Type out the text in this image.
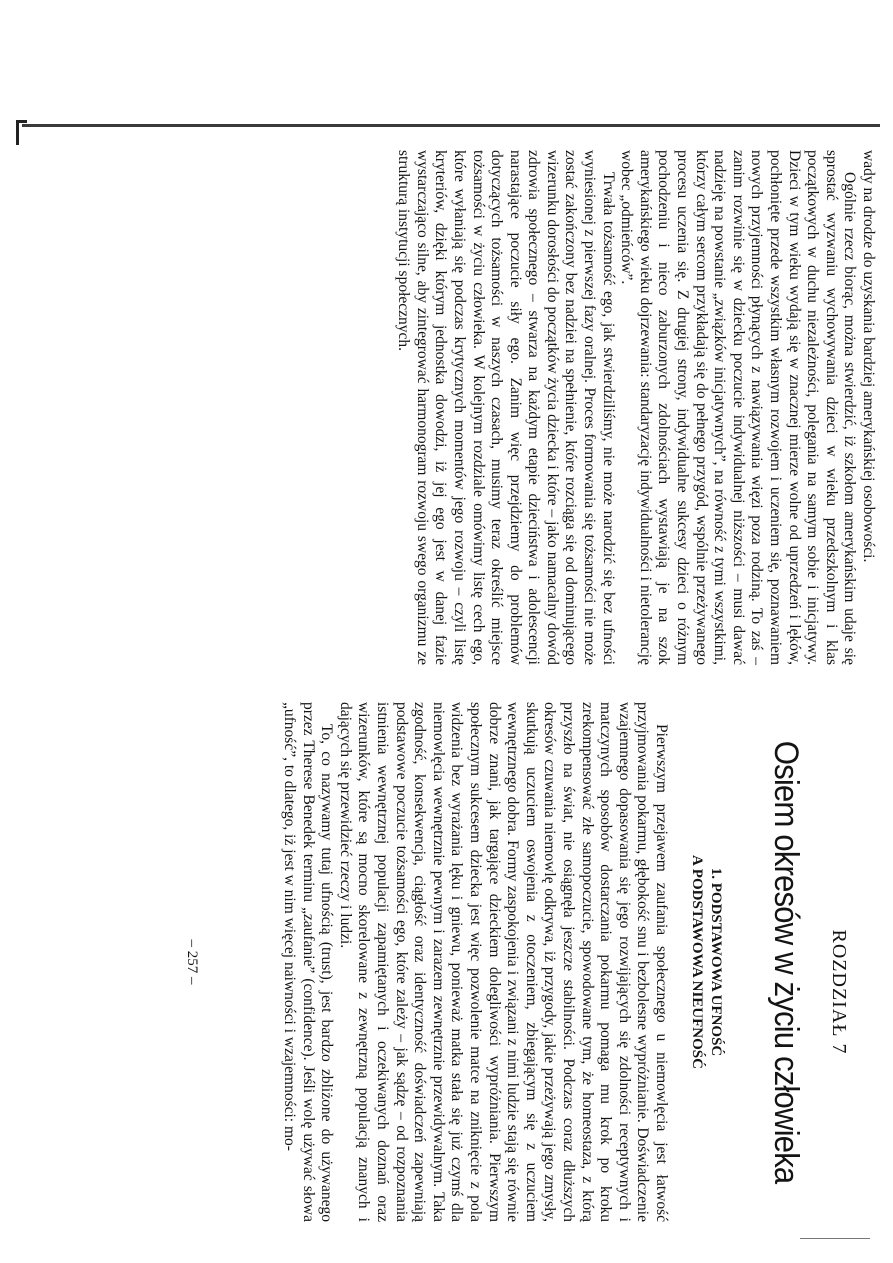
wady na drodze do uzyskania bardziej amerykańskiej osobowości.

Ogólnie rzecz biorąc, można stwierdzić, iż szkołom amerykańskim udaje się sprostać wyzwaniu wychowywania dzieci w wieku przedszkolnym i klas początkowych w duchu niezależności, polegania na samym sobie i inicjatywy. Dzieci w tym wieku wydają się w znacznej mierze wolne od uprzedzeń i lęków, pochłonięte przede wszystkim własnym rozwojem i uczeniem się, poznawaniem nowych przyjemności płynących z nawiązywania więzi poza rodziną. To zaś – zanim rozwinie się w dziecku poczucie indywidualnej niższości – musi dawać nadzieję na powstanie „związków inicjatywnych”, na równość z tymi wszystkimi, którzy całym sercom przykładają się do pełnego przygód, wspólnie przeżywanego procesu uczenia się. Z drugiej strony, indywidualne sukcesy dzieci o różnym pochodzeniu i nieco zaburzonych zdolnościach wystawiają je na szok amerykańskiego wieku dojrzewania: standaryzację indywidualności i nietolerancję wobec „odmieńców”.

Trwała tożsamość ego, jak stwierdziliśmy, nie może narodzić się bez ufności wyniesionej z pierwszej fazy oralnej. Proces formowania się tożsamości nie może zostać zakończony bez nadziei na spełnienie, które rozciąga się od dominującego wizerunku dorosłości do początków życia dziecka i które – jako namacalny dowód zdrowia społecznego – stwarza na każdym etapie dzieciństwa i adolescencji narastające poczucie siły ego. Zanim więc przejdziemy do problemów dotyczących tożsamości w naszych czasach, musimy teraz określić miejsce tożsamości w życiu człowieka. W kolejnym rozdziale omówimy listę cech ego, które wyłaniają się podczas krytycznych momentów jego rozwoju – czyli listę kryteriów, dzięki którym jednostka dowodzi, iż jej ego jest w danej fazie wystarczająco silne, aby zintegrować harmonogram rozwoju swego organizmu ze strukturą instytucji społecznych.

ROZDZIAŁ 7
Osiem okresów w życiu człowieka
1. PODSTAWOWA UFNOŚĆ
A PODSTAWOWA NIEUFNOŚĆ

Pierwszym przejawem zaufania społecznego u niemowlęcia jest łatwość przyjmowania pokarmu, głębokość snu i bezbolesne wypróżnianie. Doświadczenie wzajemnego dopasowania się jego rozwijających się zdolności receptywnych i matczynych sposobów dostarczania pokarmu pomaga mu krok po kroku zrekompensować złe samopoczucie, spowodowane tym, że homeostaza, z którą przyszło na świat, nie osiągnęła jeszcze stabilności. Podczas coraz dłuższych okresów czuwania niemowlę odkrywa, iż przygody, jakie przeżywają jego zmysły, skutkują uczuciem oswojenia z otoczeniem, zbiegającym się z uczuciem wewnętrznego dobra. Formy zaspokojenia i związani z nimi ludzie stają się równie dobrze znani, jak targające dzieckiem dolegliwości wypróżniania. Pierwszym społecznym sukcesem dziecka jest więc pozwolenie matce na zniknięcie z pola widzenia bez wyrażania lęku i gniewu, ponieważ matka stała się już czymś dla niemowlęcia wewnętrznie pewnym i zarazem zewnętrznie przewidywalnym. Taka zgodność, konsekwencja, ciągłość oraz identyczność doświadczeń zapewniają podstawowe poczucie tożsamości ego, które zależy – jak sądzę – od rozpoznania istnienia wewnętrznej populacji zapamiętanych i oczekiwanych doznań oraz wizerunków, które są mocno skorelowane z zewnętrzną populacją znanych i dających się przewidzieć rzeczy i ludzi.

To, co nazywamy tutaj ufnością (trust), jest bardzo zbliżone do używanego przez Therese Benedek terminu „zaufanie” (confidence). Jeśli wolę używać słowa „ufność”, to dlatego, iż jest w nim więcej naiwności i wzajemności: mo-

– 257 –
